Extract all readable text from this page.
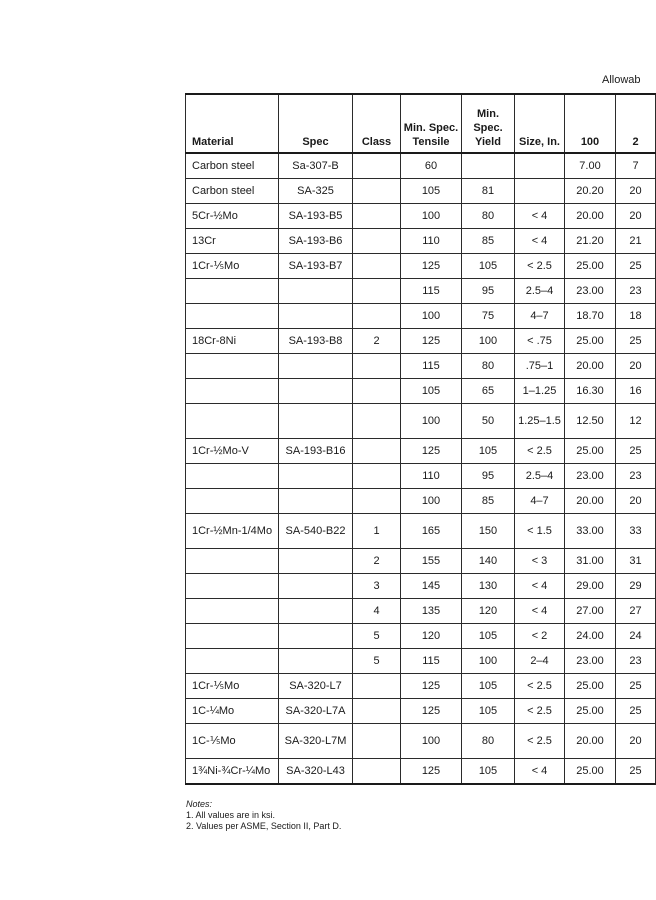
Allowab
Material	Spec	Class	Min. Spec. Tensile	Min. Spec. Yield	Size, In.	100	2
Carbon steel	Sa-307-B		60			7.00	7
Carbon steel	SA-325		105	81		20.20	20
5Cr-½Mo	SA-193-B5		100	80	< 4	20.00	20
13Cr	SA-193-B6		110	85	< 4	21.20	21
1Cr-⅕Mo	SA-193-B7		125	105	< 2.5	25.00	25
			115	95	2.5–4	23.00	23
			100	75	4–7	18.70	18
18Cr-8Ni	SA-193-B8	2	125	100	< .75	25.00	25
			115	80	.75–1	20.00	20
			105	65	1–1.25	16.30	16
			100	50	1.25–1.5	12.50	12
1Cr-½Mo-V	SA-193-B16		125	105	< 2.5	25.00	25
			110	95	2.5–4	23.00	23
			100	85	4–7	20.00	20
1Cr-½Mn-1/4Mo	SA-540-B22	1	165	150	< 1.5	33.00	33
		2	155	140	< 3	31.00	31
		3	145	130	< 4	29.00	29
		4	135	120	< 4	27.00	27
		5	120	105	< 2	24.00	24
		5	115	100	2–4	23.00	23
1Cr-⅕Mo	SA-320-L7		125	105	< 2.5	25.00	25
1C-¼Mo	SA-320-L7A		125	105	< 2.5	25.00	25
1C-⅕Mo	SA-320-L7M		100	80	< 2.5	20.00	20
1¾Ni-¾Cr-¼Mo	SA-320-L43		125	105	< 4	25.00	25
Notes:
1. All values are in ksi.
2. Values per ASME, Section II, Part D.
